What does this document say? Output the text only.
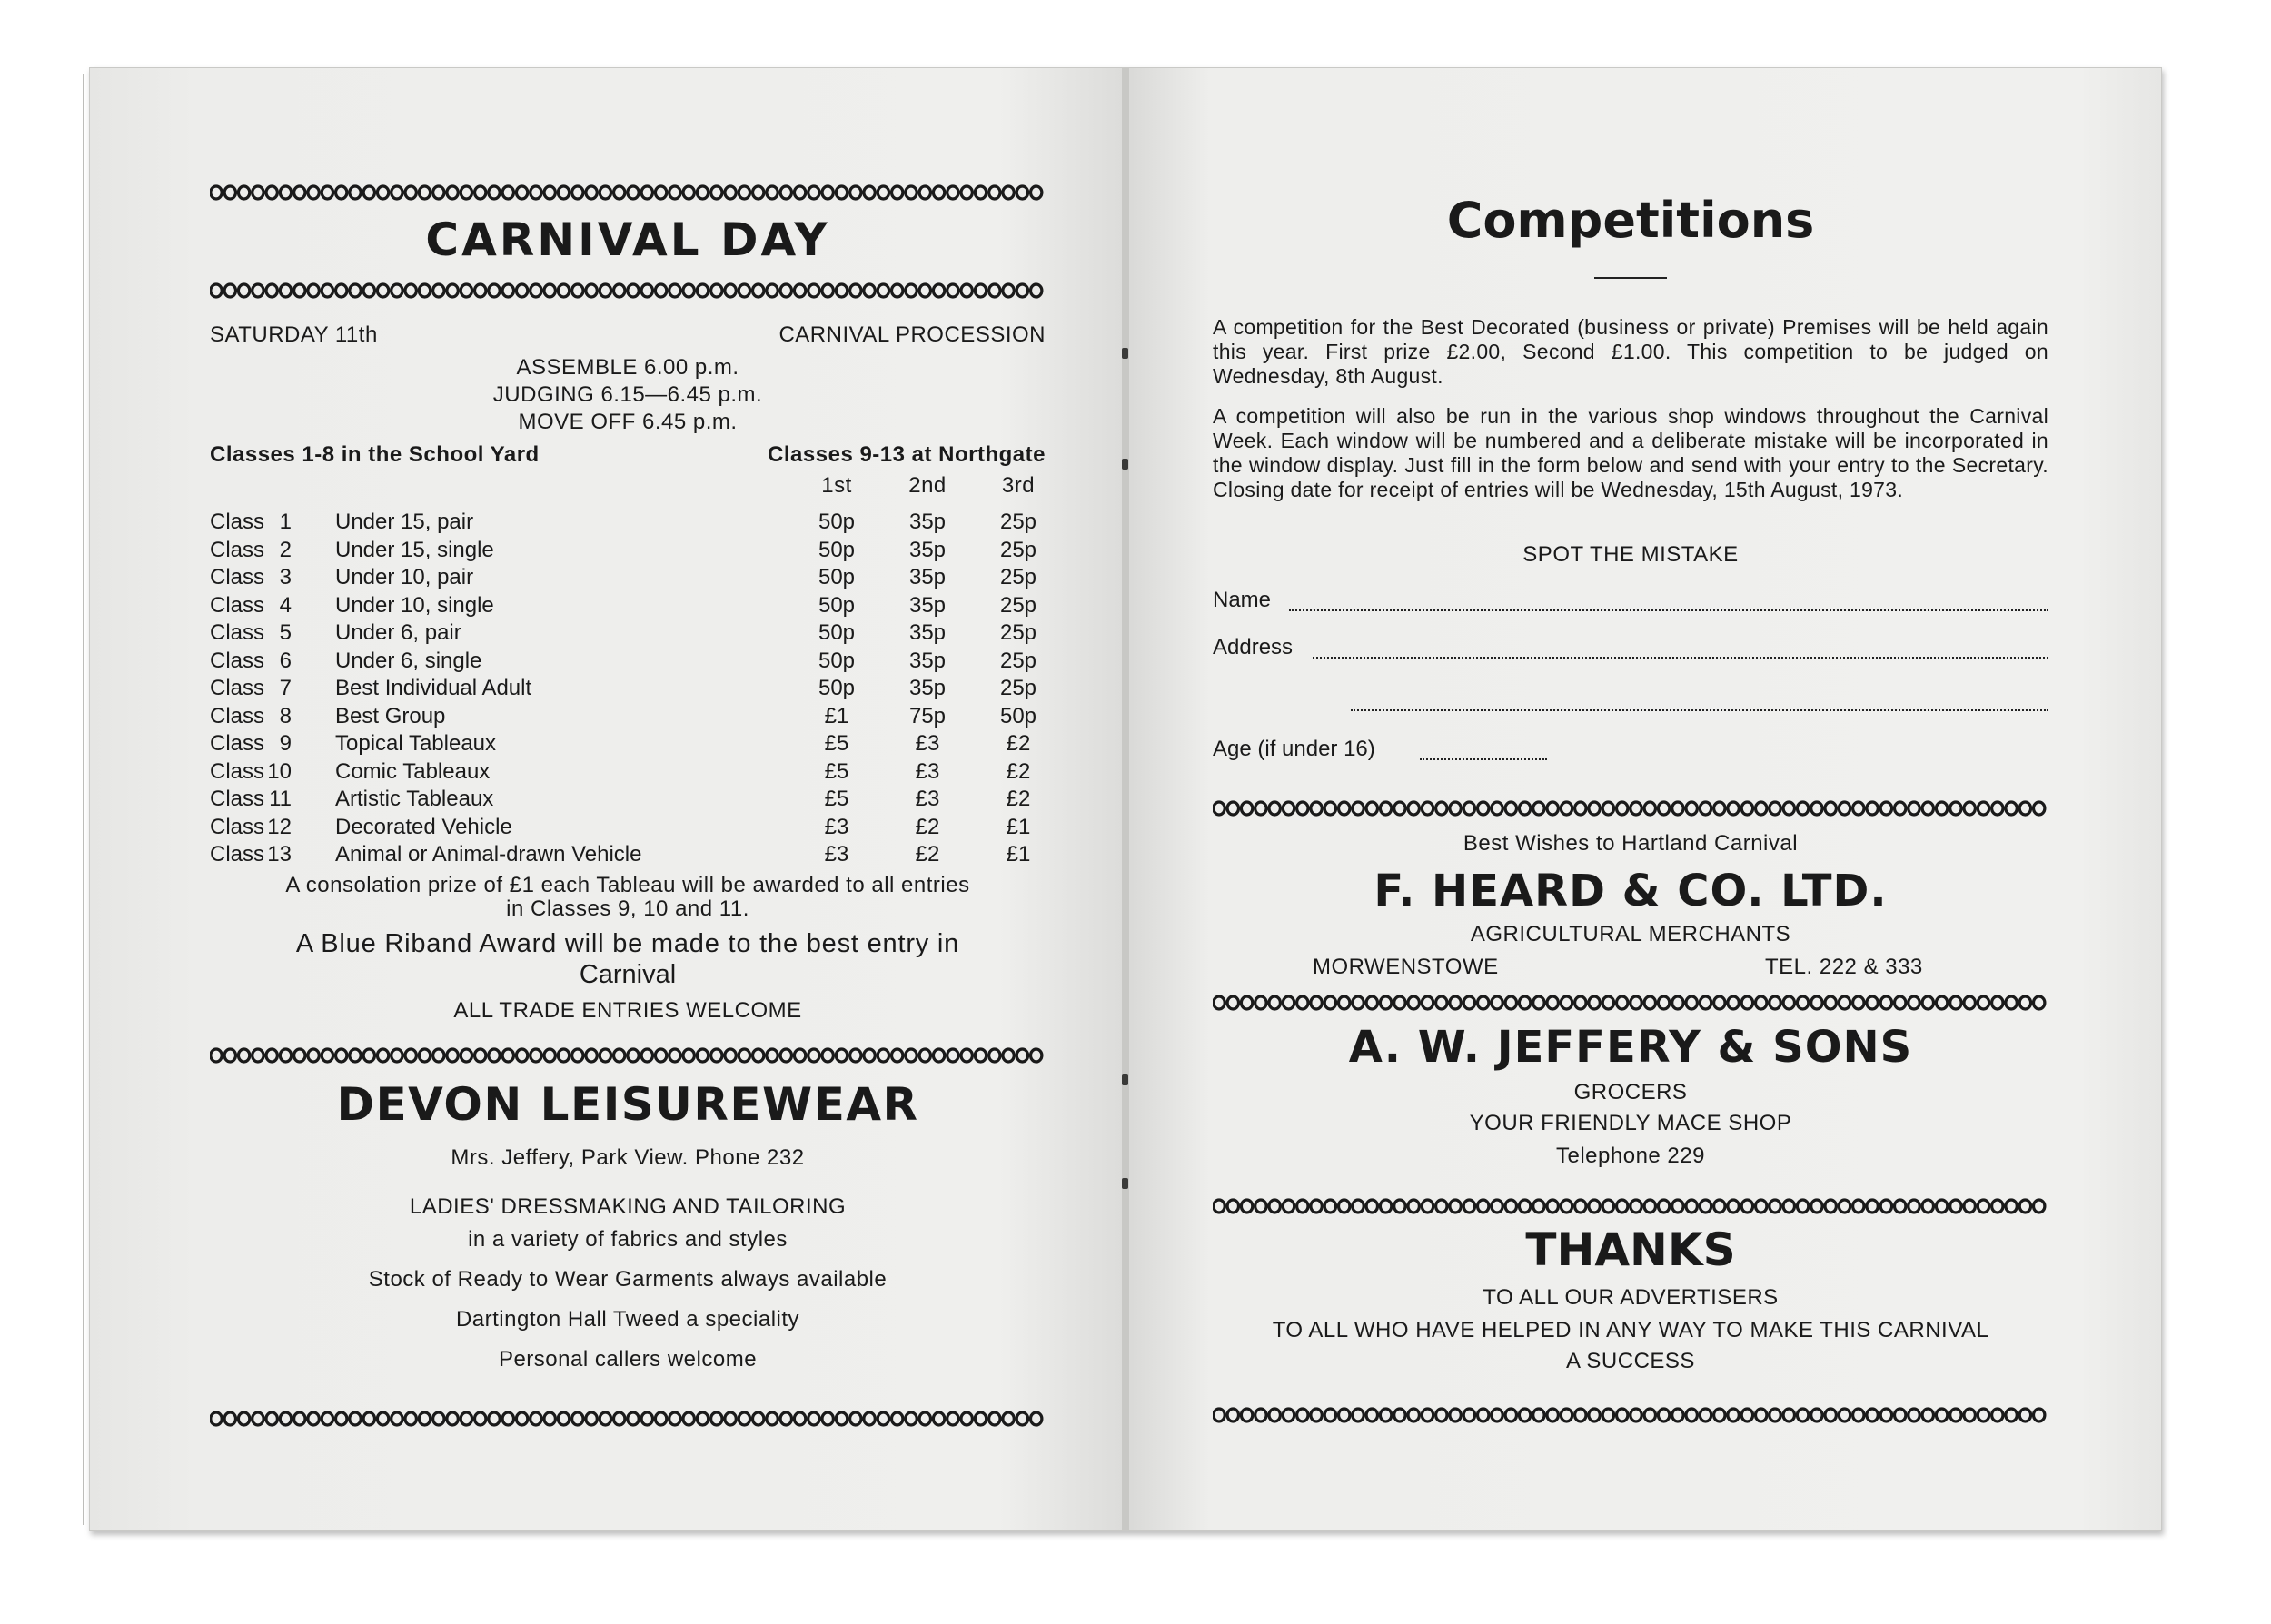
CARNIVAL DAY
SATURDAY 11th	CARNIVAL PROCESSION
ASSEMBLE 6.00 p.m.
JUDGING 6.15—6.45 p.m.
MOVE OFF 6.45 p.m.
Classes 1-8 in the School Yard	Classes 9-13 at Northgate
1st	2nd	3rd
Class 1 Under 15, pair	50p	35p	25p
Class 2 Under 15, single	50p	35p	25p
Class 3 Under 10, pair	50p	35p	25p
Class 4 Under 10, single	50p	35p	25p
Class 5 Under 6, pair	50p	35p	25p
Class 6 Under 6, single	50p	35p	25p
Class 7 Best Individual Adult	50p	35p	25p
Class 8 Best Group	£1	75p	50p
Class 9 Topical Tableaux	£5	£3	£2
Class 10 Comic Tableaux	£5	£3	£2
Class 11 Artistic Tableaux	£5	£3	£2
Class 12 Decorated Vehicle	£3	£2	£1
Class 13 Animal or Animal-drawn Vehicle	£3	£2	£1
A consolation prize of £1 each Tableau will be awarded to all entries
in Classes 9, 10 and 11.
A Blue Riband Award will be made to the best entry in
Carnival
ALL TRADE ENTRIES WELCOME
DEVON LEISUREWEAR
Mrs. Jeffery, Park View. Phone 232
LADIES' DRESSMAKING AND TAILORING
in a variety of fabrics and styles
Stock of Ready to Wear Garments always available
Dartington Hall Tweed a speciality
Personal callers welcome
Competitions
A competition for the Best Decorated (business or private) Premises will be held again this year. First prize £2.00, Second £1.00. This competition to be judged on Wednesday, 8th August.
A competition will also be run in the various shop windows throughout the Carnival Week. Each window will be numbered and a deliberate mistake will be incorporated in the window display. Just fill in the form below and send with your entry to the Secretary. Closing date for receipt of entries will be Wednesday, 15th August, 1973.
SPOT THE MISTAKE
Name
Address
Age (if under 16)
Best Wishes to Hartland Carnival
F. HEARD & CO. LTD.
AGRICULTURAL MERCHANTS
MORWENSTOWE	TEL. 222 & 333
A. W. JEFFERY & SONS
GROCERS
YOUR FRIENDLY MACE SHOP
Telephone 229
THANKS
TO ALL OUR ADVERTISERS
TO ALL WHO HAVE HELPED IN ANY WAY TO MAKE THIS CARNIVAL
A SUCCESS
